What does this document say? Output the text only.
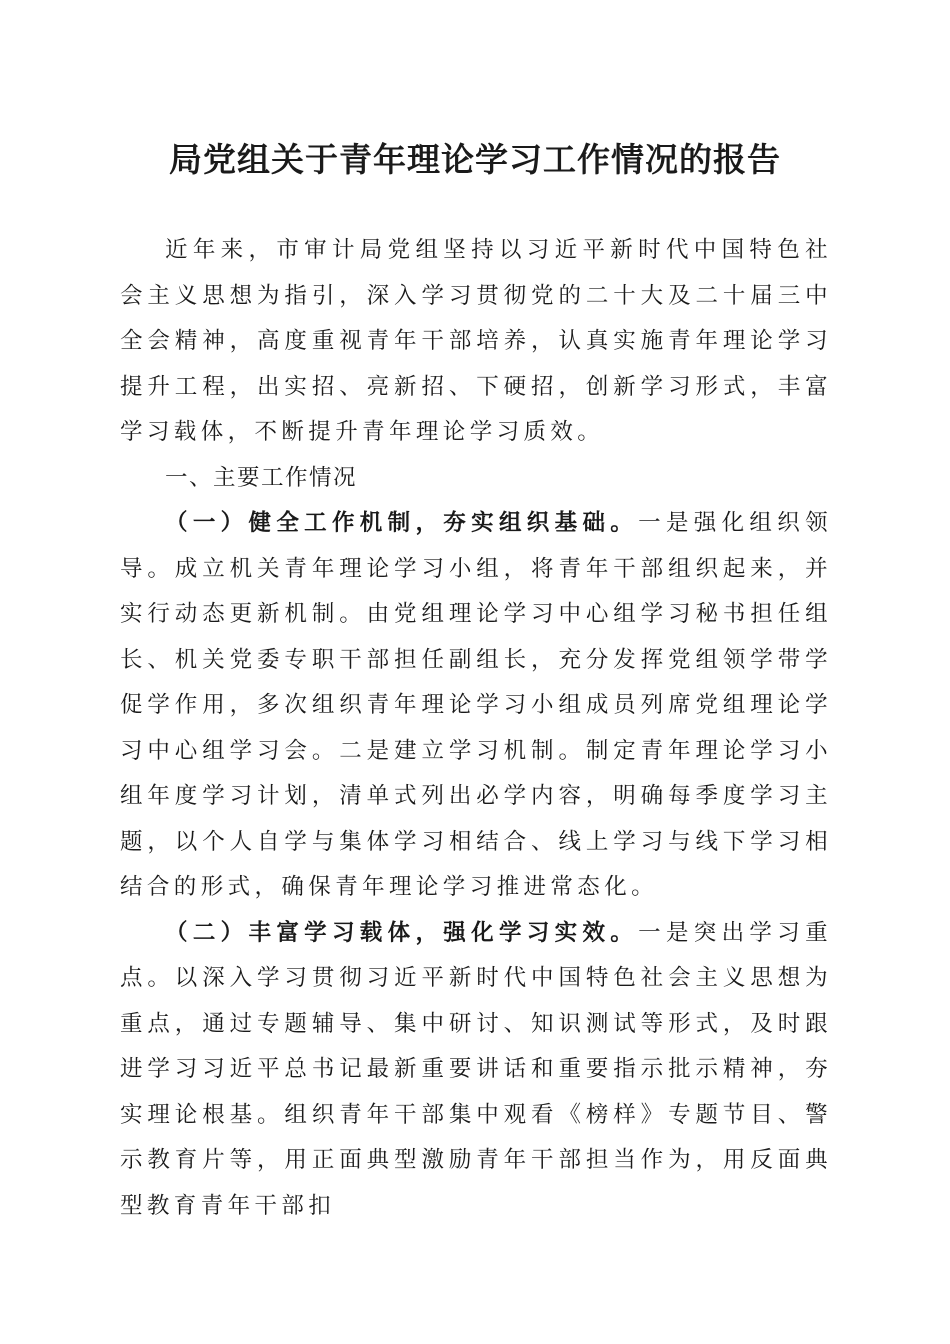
局党组关于青年理论学习工作情况的报告

近年来，市审计局党组坚持以习近平新时代中国特色社会主义思想为指引，深入学习贯彻党的二十大及二十届三中全会精神，高度重视青年干部培养，认真实施青年理论学习提升工程，出实招、亮新招、下硬招，创新学习形式，丰富学习载体，不断提升青年理论学习质效。

一、主要工作情况

（一）健全工作机制，夯实组织基础。一是强化组织领导。成立机关青年理论学习小组，将青年干部组织起来，并实行动态更新机制。由党组理论学习中心组学习秘书担任组长、机关党委专职干部担任副组长，充分发挥党组领学带学促学作用，多次组织青年理论学习小组成员列席党组理论学习中心组学习会。二是建立学习机制。制定青年理论学习小组年度学习计划，清单式列出必学内容，明确每季度学习主题，以个人自学与集体学习相结合、线上学习与线下学习相结合的形式，确保青年理论学习推进常态化。

（二）丰富学习载体，强化学习实效。一是突出学习重点。以深入学习贯彻习近平新时代中国特色社会主义思想为重点，通过专题辅导、集中研讨、知识测试等形式，及时跟进学习习近平总书记最新重要讲话和重要指示批示精神，夯实理论根基。组织青年干部集中观看《榜样》专题节目、警示教育片等，用正面典型激励青年干部担当作为，用反面典型教育青年干部扣
